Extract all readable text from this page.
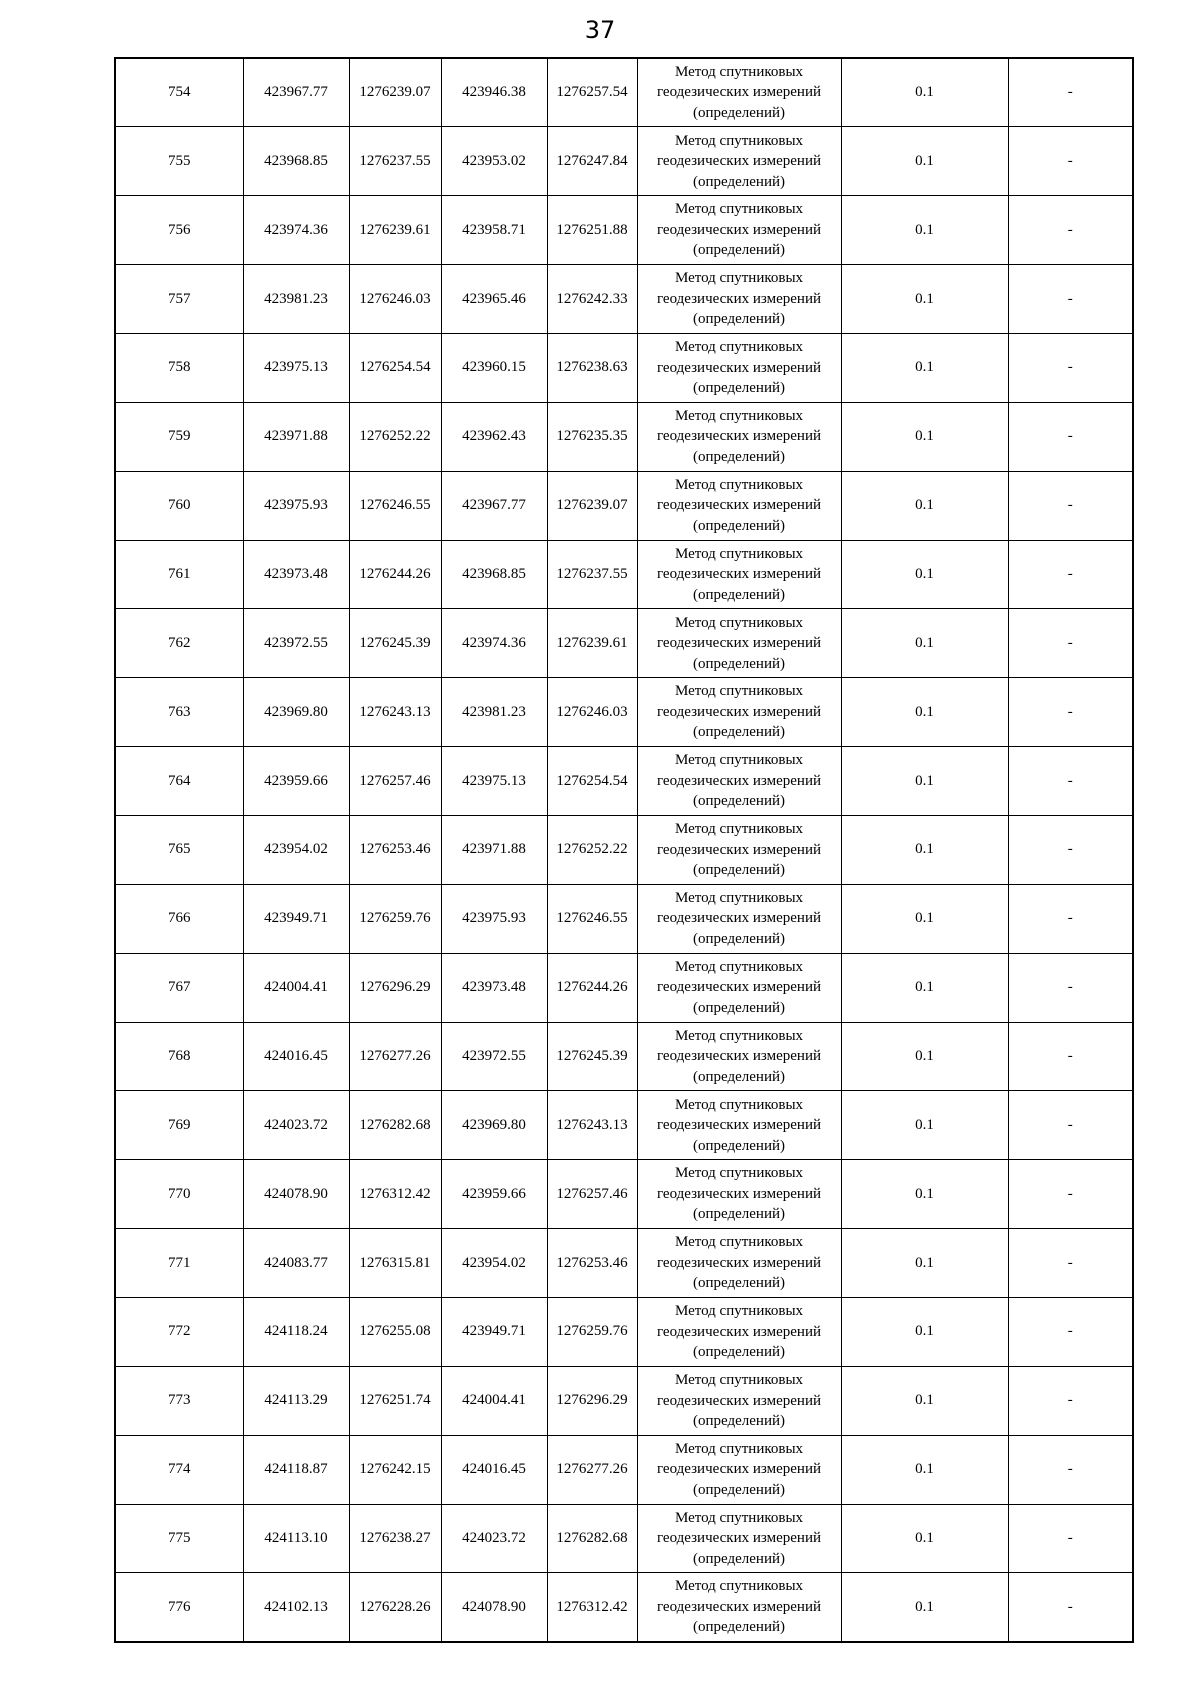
37
754	423967.77	1276239.07	423946.38	1276257.54	Метод спутниковых геодезических измерений (определений)	0.1	-
755	423968.85	1276237.55	423953.02	1276247.84	Метод спутниковых геодезических измерений (определений)	0.1	-
756	423974.36	1276239.61	423958.71	1276251.88	Метод спутниковых геодезических измерений (определений)	0.1	-
757	423981.23	1276246.03	423965.46	1276242.33	Метод спутниковых геодезических измерений (определений)	0.1	-
758	423975.13	1276254.54	423960.15	1276238.63	Метод спутниковых геодезических измерений (определений)	0.1	-
759	423971.88	1276252.22	423962.43	1276235.35	Метод спутниковых геодезических измерений (определений)	0.1	-
760	423975.93	1276246.55	423967.77	1276239.07	Метод спутниковых геодезических измерений (определений)	0.1	-
761	423973.48	1276244.26	423968.85	1276237.55	Метод спутниковых геодезических измерений (определений)	0.1	-
762	423972.55	1276245.39	423974.36	1276239.61	Метод спутниковых геодезических измерений (определений)	0.1	-
763	423969.80	1276243.13	423981.23	1276246.03	Метод спутниковых геодезических измерений (определений)	0.1	-
764	423959.66	1276257.46	423975.13	1276254.54	Метод спутниковых геодезических измерений (определений)	0.1	-
765	423954.02	1276253.46	423971.88	1276252.22	Метод спутниковых геодезических измерений (определений)	0.1	-
766	423949.71	1276259.76	423975.93	1276246.55	Метод спутниковых геодезических измерений (определений)	0.1	-
767	424004.41	1276296.29	423973.48	1276244.26	Метод спутниковых геодезических измерений (определений)	0.1	-
768	424016.45	1276277.26	423972.55	1276245.39	Метод спутниковых геодезических измерений (определений)	0.1	-
769	424023.72	1276282.68	423969.80	1276243.13	Метод спутниковых геодезических измерений (определений)	0.1	-
770	424078.90	1276312.42	423959.66	1276257.46	Метод спутниковых геодезических измерений (определений)	0.1	-
771	424083.77	1276315.81	423954.02	1276253.46	Метод спутниковых геодезических измерений (определений)	0.1	-
772	424118.24	1276255.08	423949.71	1276259.76	Метод спутниковых геодезических измерений (определений)	0.1	-
773	424113.29	1276251.74	424004.41	1276296.29	Метод спутниковых геодезических измерений (определений)	0.1	-
774	424118.87	1276242.15	424016.45	1276277.26	Метод спутниковых геодезических измерений (определений)	0.1	-
775	424113.10	1276238.27	424023.72	1276282.68	Метод спутниковых геодезических измерений (определений)	0.1	-
776	424102.13	1276228.26	424078.90	1276312.42	Метод спутниковых геодезических измерений (определений)	0.1	-
